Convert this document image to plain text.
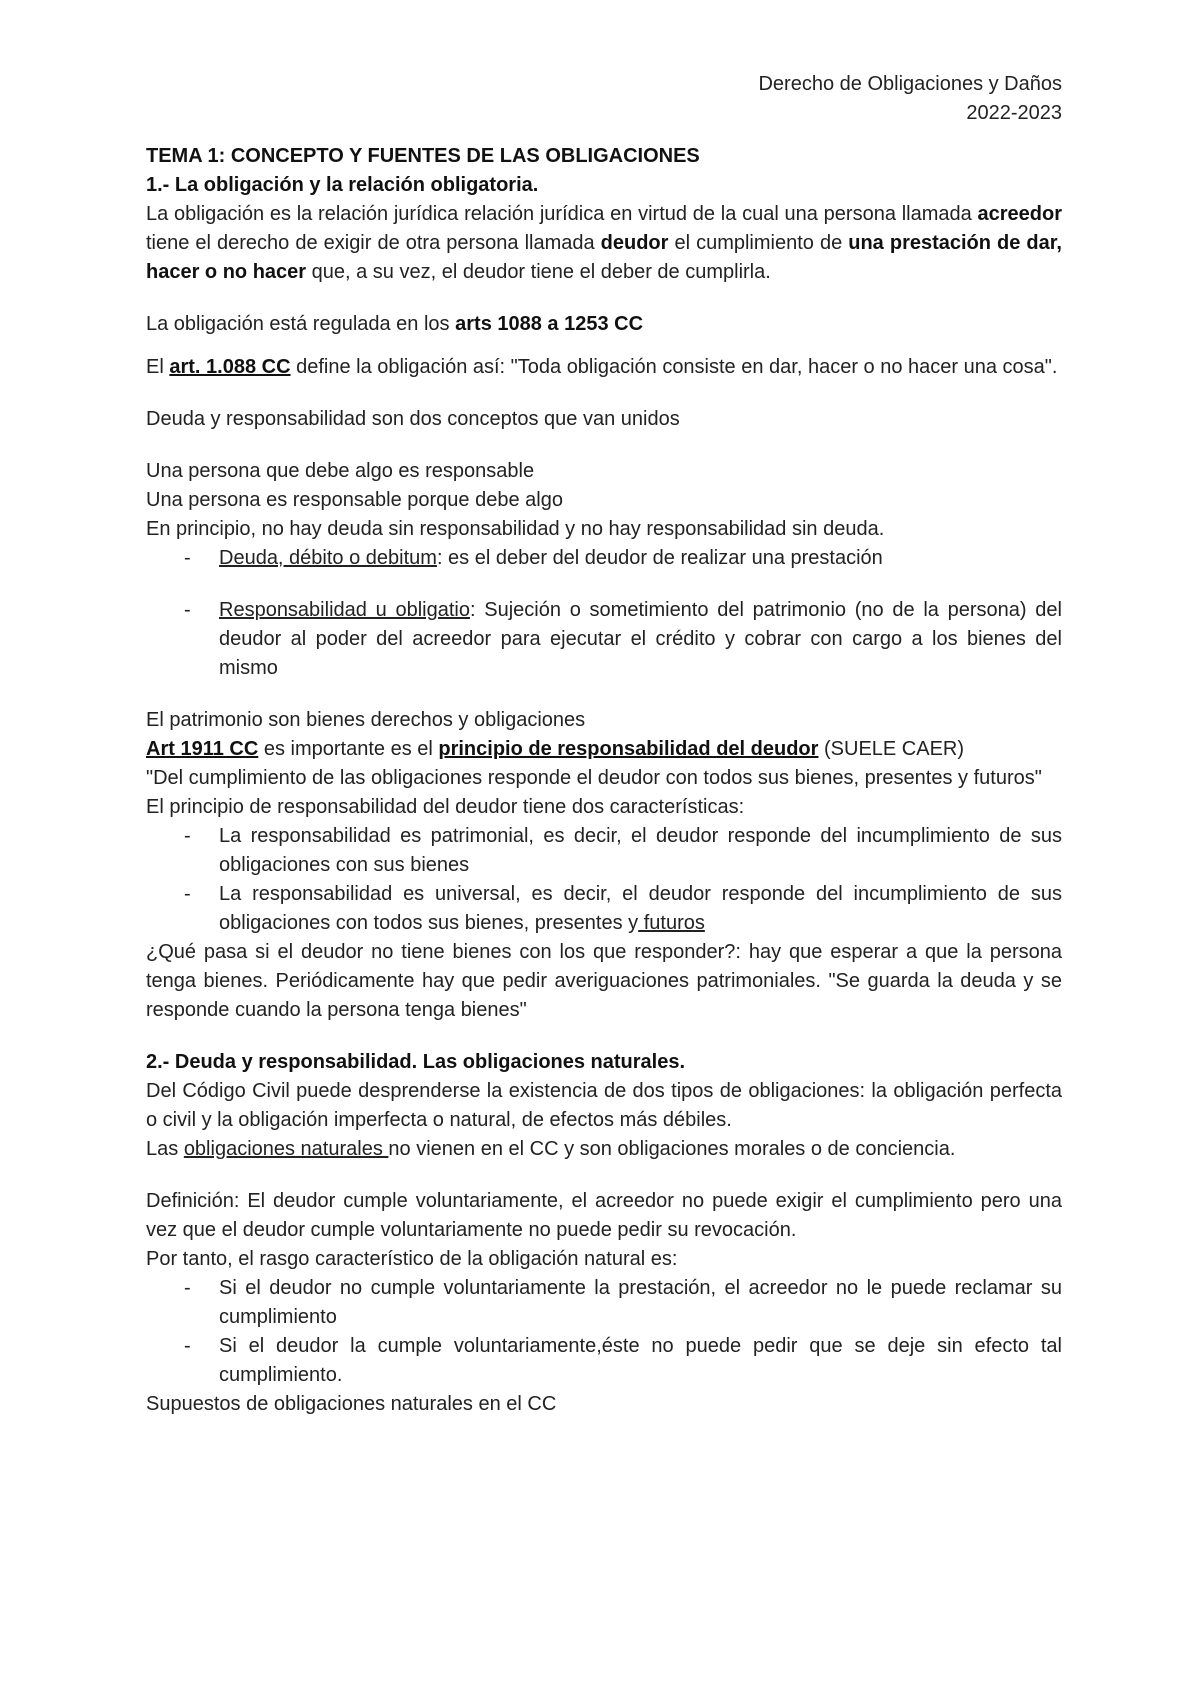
Derecho de Obligaciones y Daños
2022-2023

TEMA 1: CONCEPTO Y FUENTES DE LAS OBLIGACIONES

1.- La obligación y la relación obligatoria.

La obligación es la relación jurídica relación jurídica en virtud de la cual una persona llamada acreedor tiene el derecho de exigir de otra persona llamada deudor el cumplimiento de una prestación de dar, hacer o no hacer que, a su vez, el deudor tiene el deber de cumplirla.

La obligación está regulada en los arts 1088 a 1253 CC

El art. 1.088 CC define la obligación así: "Toda obligación consiste en dar, hacer o no hacer una cosa".

Deuda y responsabilidad son dos conceptos que van unidos

Una persona que debe algo es responsable

Una persona es responsable porque debe algo

En principio, no hay deuda sin responsabilidad y no hay responsabilidad sin deuda.

- Deuda, débito o debitum: es el deber del deudor de realizar una prestación
- Responsabilidad u obligatio: Sujeción o sometimiento del patrimonio (no de la persona) del deudor al poder del acreedor para ejecutar el crédito y cobrar con cargo a los bienes del mismo

El patrimonio son bienes derechos y obligaciones

Art 1911 CC es importante es el principio de responsabilidad del deudor (SUELE CAER)

"Del cumplimiento de las obligaciones responde el deudor con todos sus bienes, presentes y futuros"

El principio de responsabilidad del deudor tiene dos características:

- La responsabilidad es patrimonial, es decir, el deudor responde del incumplimiento de sus obligaciones con sus bienes
- La responsabilidad es universal, es decir, el deudor responde del incumplimiento de sus obligaciones con todos sus bienes, presentes y futuros

¿Qué pasa si el deudor no tiene bienes con los que responder?: hay que esperar a que la persona tenga bienes. Periódicamente hay que pedir averiguaciones patrimoniales. "Se guarda la deuda y se responde cuando la persona tenga bienes"

2.- Deuda y responsabilidad. Las obligaciones naturales.

Del Código Civil puede desprenderse la existencia de dos tipos de obligaciones: la obligación perfecta o civil y la obligación imperfecta o natural, de efectos más débiles.

Las obligaciones naturales no vienen en el CC y son obligaciones morales o de conciencia.

Definición: El deudor cumple voluntariamente, el acreedor no puede exigir el cumplimiento pero una vez que el deudor cumple voluntariamente no puede pedir su revocación.

Por tanto, el rasgo característico de la obligación natural es:

- Si el deudor no cumple voluntariamente la prestación, el acreedor no le puede reclamar su cumplimiento
- Si el deudor la cumple voluntariamente,éste no puede pedir que se deje sin efecto tal cumplimiento.

Supuestos de obligaciones naturales en el CC
